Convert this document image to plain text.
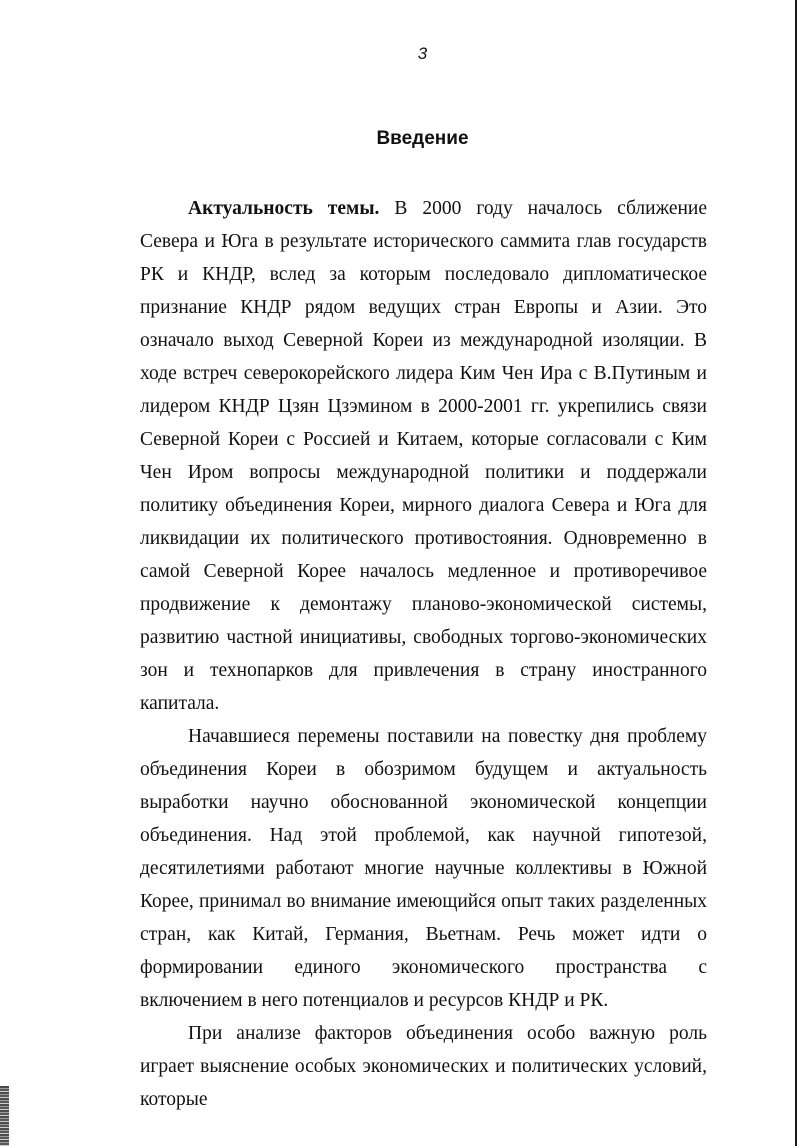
3
Введение

Актуальность темы. В 2000 году началось сближение Севера и Юга в результате исторического саммита глав государств РК и КНДР, вслед за которым последовало дипломатическое признание КНДР рядом ведущих стран Европы и Азии. Это означало выход Северной Кореи из международной изоляции. В ходе встреч северокорейского лидера Ким Чен Ира с В.Путиным и лидером КНДР Цзян Цзэмином в 2000-2001 гг. укрепились связи Северной Кореи с Россией и Китаем, которые согласовали с Ким Чен Иром вопросы международной политики и поддержали политику объединения Кореи, мирного диалога Севера и Юга для ликвидации их политического противостояния. Одновременно в самой Северной Корее началось медленное и противоречивое продвижение к демонтажу планово-экономической системы, развитию частной инициативы, свободных торгово-экономических зон и технопарков для привлечения в страну иностранного капитала.

Начавшиеся перемены поставили на повестку дня проблему объединения Кореи в обозримом будущем и актуальность выработки научно обоснованной экономической концепции объединения. Над этой проблемой, как научной гипотезой, десятилетиями работают многие научные коллективы в Южной Корее, принимал во внимание имеющийся опыт таких разделенных стран, как Китай, Германия, Вьетнам. Речь может идти о формировании единого экономического пространства с включением в него потенциалов и ресурсов КНДР и РК.

При анализе факторов объединения особо важную роль играет выяснение особых экономических и политических условий, которые
